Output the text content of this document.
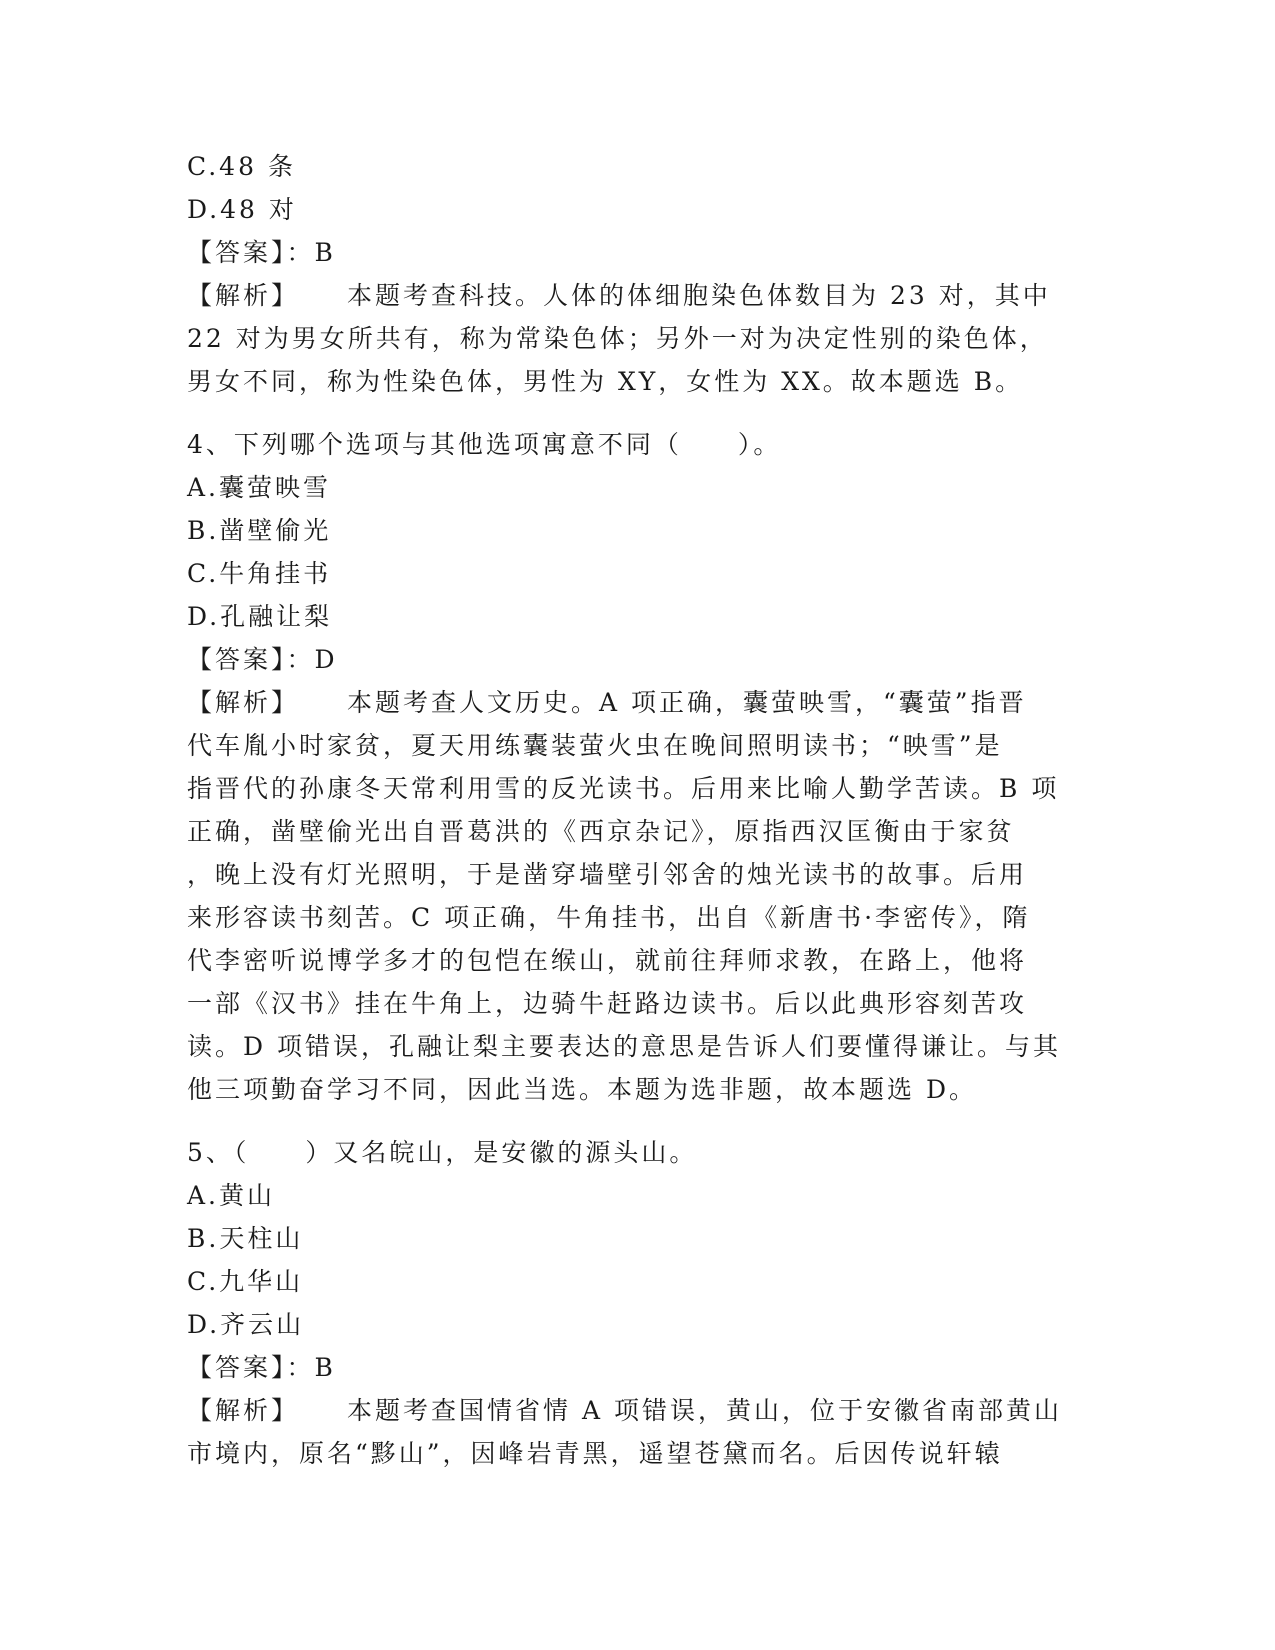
C.48 条
D.48 对
【答案】：B
【解析】 本题考查科技。人体的体细胞染色体数目为 23 对，其中
22 对为男女所共有，称为常染色体；另外一对为决定性别的染色体，
男女不同，称为性染色体，男性为 XY，女性为 XX。故本题选 B。
4、下列哪个选项与其他选项寓意不同（　　）。
A.囊萤映雪
B.凿壁偷光
C.牛角挂书
D.孔融让梨
【答案】：D
【解析】 本题考查人文历史。A 项正确，囊萤映雪，“囊萤”指晋
代车胤小时家贫，夏天用练囊装萤火虫在晚间照明读书；“映雪”是
指晋代的孙康冬天常利用雪的反光读书。后用来比喻人勤学苦读。B 项
正确，凿壁偷光出自晋葛洪的《西京杂记》，原指西汉匡衡由于家贫
，晚上没有灯光照明，于是凿穿墙壁引邻舍的烛光读书的故事。后用
来形容读书刻苦。C 项正确，牛角挂书，出自《新唐书·李密传》，隋
代李密听说博学多才的包恺在缑山，就前往拜师求教，在路上，他将
一部《汉书》挂在牛角上，边骑牛赶路边读书。后以此典形容刻苦攻
读。D 项错误，孔融让梨主要表达的意思是告诉人们要懂得谦让。与其
他三项勤奋学习不同，因此当选。本题为选非题，故本题选 D。
5、（　　）又名皖山，是安徽的源头山。
A.黄山
B.天柱山
C.九华山
D.齐云山
【答案】：B
【解析】 本题考查国情省情 A 项错误，黄山，位于安徽省南部黄山
市境内，原名“黟山”，因峰岩青黑，遥望苍黛而名。后因传说轩辕
